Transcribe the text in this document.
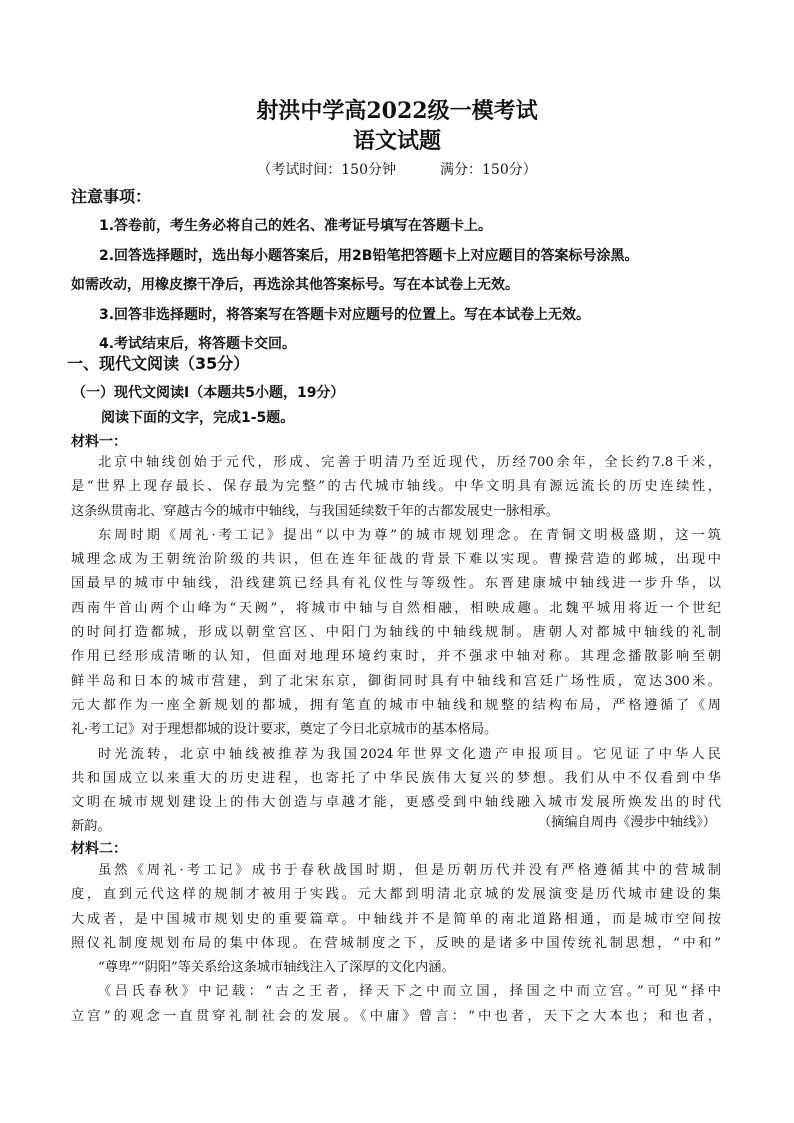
射洪中学高2022级一模考试
语文试题
（考试时间：150分钟	满分：150分）
注意事项：

1.答卷前，考生务必将自己的姓名、准考证号填写在答题卡上。

2.回答选择题时，选出每小题答案后，用2B铅笔把答题卡上对应题目的答案标号涂黑。

如需改动，用橡皮擦干净后，再选涂其他答案标号。写在本试卷上无效。

3.回答非选择题时，将答案写在答题卡对应题号的位置上。写在本试卷上无效。

4.考试结束后，将答题卡交回。

一、现代文阅读（35分）
（一）现代文阅读Ⅰ（本题共5小题，19分）
阅读下面的文字，完成1-5题。
材料一：

北京中轴线创始于元代，形成、完善于明清乃至近现代，历经700余年，全长约7.8千米，

是“世界上现存最长、保存最为完整”的古代城市轴线。中华文明具有源远流长的历史连续性，

这条纵贯南北、穿越古今的城市中轴线，与我国延续数千年的古都发展史一脉相承。

东周时期《周礼·考工记》提出“以中为尊”的城市规划理念。在青铜文明极盛期，这一筑

城理念成为王朝统治阶级的共识，但在连年征战的背景下难以实现。曹操营造的邺城，出现中

国最早的城市中轴线，沿线建筑已经具有礼仪性与等级性。东晋建康城中轴线进一步升华，以

西南牛首山两个山峰为“天阙”，将城市中轴与自然相融，相映成趣。北魏平城用将近一个世纪

的时间打造都城，形成以朝堂宫区、中阳门为轴线的中轴线规制。唐朝人对都城中轴线的礼制

作用已经形成清晰的认知，但面对地理环境约束时，并不强求中轴对称。其理念播散影响至朝

鲜半岛和日本的城市营建，到了北宋东京，御街同时具有中轴线和宫廷广场性质，宽达300米。

元大都作为一座全新规划的都城，拥有笔直的城市中轴线和规整的结构布局，严格遵循了《周

礼·考工记》对于理想都城的设计要求，奠定了今日北京城市的基本格局。

时光流转，北京中轴线被推荐为我国2024年世界文化遗产申报项目。它见证了中华人民

共和国成立以来重大的历史进程，也寄托了中华民族伟大复兴的梦想。我们从中不仅看到中华

文明在城市规划建设上的伟大创造与卓越才能，更感受到中轴线融入城市发展所焕发出的时代

新韵。	（摘编自周冉《漫步中轴线》）
材料二：

虽然《周礼·考工记》成书于春秋战国时期，但是历朝历代并没有严格遵循其中的营城制

度，直到元代这样的规制才被用于实践。元大都到明清北京城的发展演变是历代城市建设的集

大成者，是中国城市规划史的重要篇章。中轴线并不是简单的南北道路相通，而是城市空间按

照仪礼制度规划布局的集中体现。在营城制度之下，反映的是诸多中国传统礼制思想，“中和”

“尊卑”“阴阳”等关系给这条城市轴线注入了深厚的文化内涵。

《吕氏春秋》中记载：“古之王者，择天下之中而立国，择国之中而立宫。”可见“择中

立宫”的观念一直贯穿礼制社会的发展。《中庸》曾言：“中也者，天下之大本也；和也者，
